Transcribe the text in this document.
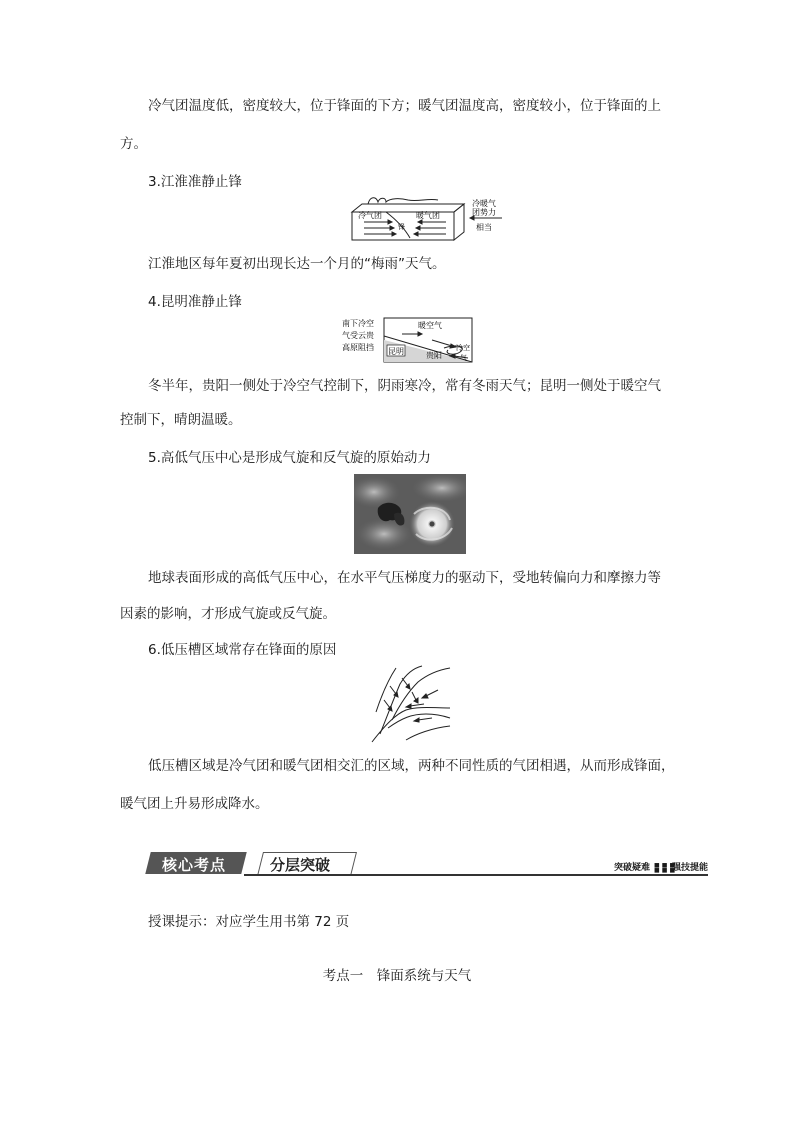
冷气团温度低，密度较大，位于锋面的下方；暖气团温度高，密度较小，位于锋面的上
方。
3.江淮准静止锋
冷气团	暖气团
锋
冷暖气
团势力
相当
江淮地区每年夏初出现长达一个月的“梅雨”天气。
4.昆明准静止锋
南下冷空
气受云贵
高原阻挡
暖空气
昆明	贵阳
冷空
气
冬半年，贵阳一侧处于冷空气控制下，阴雨寒冷，常有冬雨天气；昆明一侧处于暖空气
控制下，晴朗温暖。
5.高低气压中心是形成气旋和反气旋的原始动力
地球表面形成的高低气压中心，在水平气压梯度力的驱动下，受地转偏向力和摩擦力等
因素的影响，才形成气旋或反气旋。
6.低压槽区域常存在锋面的原因
低压槽区域是冷气团和暖气团相交汇的区域，两种不同性质的气团相遇，从而形成锋面，
暖气团上升易形成降水。
核心考点	分层突破	突破疑难 ■ ■ ■
■ ■ ■强技提能
授课提示：对应学生用书第 72 页
考点一　锋面系统与天气
